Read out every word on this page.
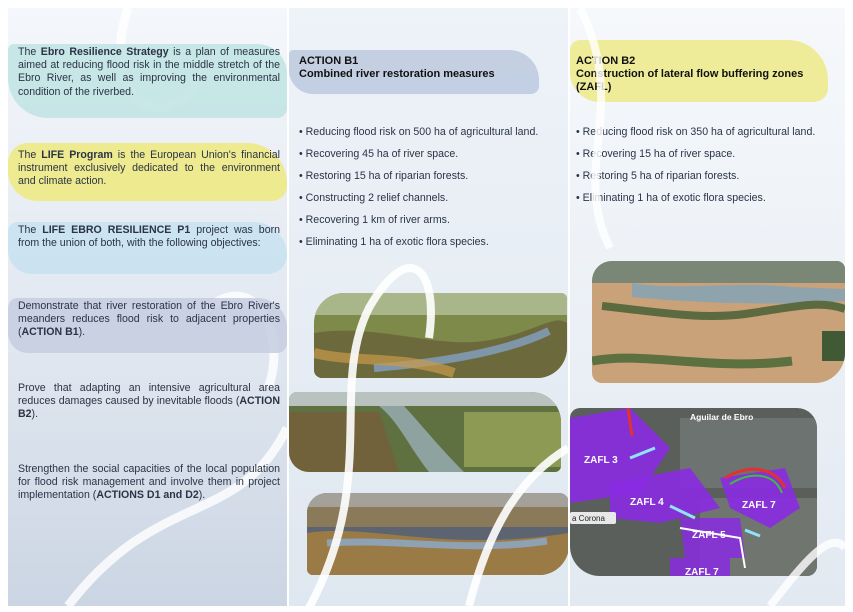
The Ebro Resilience Strategy is a plan of measures aimed at reducing flood risk in the middle stretch of the Ebro River, as well as improving the environmental condition of the riverbed.
The LIFE Program is the European Union's financial instrument exclusively dedicated to the environment and climate action.
The LIFE EBRO RESILIENCE P1 project was born from the union of both, with the following objectives:
Demonstrate that river restoration of the Ebro River's meanders reduces flood risk to adjacent properties (ACTION B1).
Prove that adapting an intensive agricultural area reduces damages caused by inevitable floods (ACTION B2).
Strengthen the social capacities of the local population for flood risk management and involve them in project implementation (ACTIONS D1 and D2).
ACTION B1
Combined river restoration measures
• Reducing flood risk on 500 ha of agricultural land.
• Recovering 45 ha of river space.
• Restoring 15 ha of riparian forests.
• Constructing 2 relief channels.
• Recovering 1 km of river arms.
• Eliminating 1 ha of exotic flora species.
ACTION B2
Construction of lateral flow buffering zones (ZAFL)
• Reducing flood risk on 350 ha of agricultural land.
• Recovering 15 ha of river space.
• Restoring 5 ha of riparian forests.
• Eliminating 1 ha of exotic flora species.
Aguilar de Ebro
a Corona
ZAFL 3
ZAFL 4
ZAFL 5
ZAFL 7
ZAFL 7
